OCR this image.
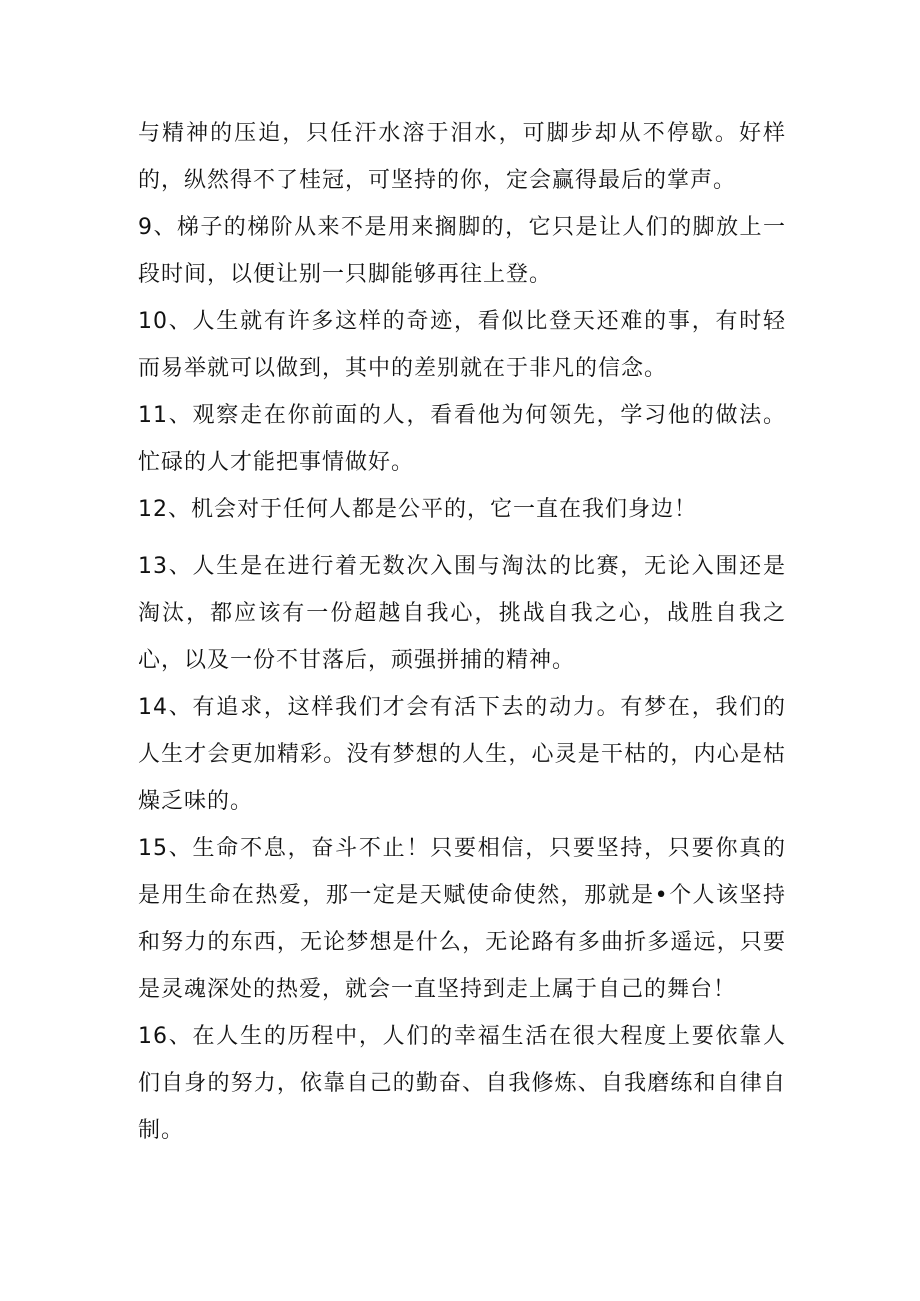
与精神的压迫，只任汗水溶于泪水，可脚步却从不停歇。好样的，纵然得不了桂冠，可坚持的你，定会赢得最后的掌声。

9、梯子的梯阶从来不是用来搁脚的，它只是让人们的脚放上一段时间，以便让别一只脚能够再往上登。

10、人生就有许多这样的奇迹，看似比登天还难的事，有时轻而易举就可以做到，其中的差别就在于非凡的信念。

11、观察走在你前面的人，看看他为何领先，学习他的做法。忙碌的人才能把事情做好。

12、机会对于任何人都是公平的，它一直在我们身边！

13、人生是在进行着无数次入围与淘汰的比赛，无论入围还是淘汰，都应该有一份超越自我心，挑战自我之心，战胜自我之心，以及一份不甘落后，顽强拼捕的精神。

14、有追求，这样我们才会有活下去的动力。有梦在，我们的人生才会更加精彩。没有梦想的人生，心灵是干枯的，内心是枯燥乏味的。

15、生命不息，奋斗不止！只要相信，只要坚持，只要你真的是用生命在热爱，那一定是天赋使命使然，那就是•个人该坚持和努力的东西，无论梦想是什么，无论路有多曲折多遥远，只要是灵魂深处的热爱，就会一直坚持到走上属于自己的舞台！

16、在人生的历程中，人们的幸福生活在很大程度上要依靠人们自身的努力，依靠自己的勤奋、自我修炼、自我磨练和自律自制。
